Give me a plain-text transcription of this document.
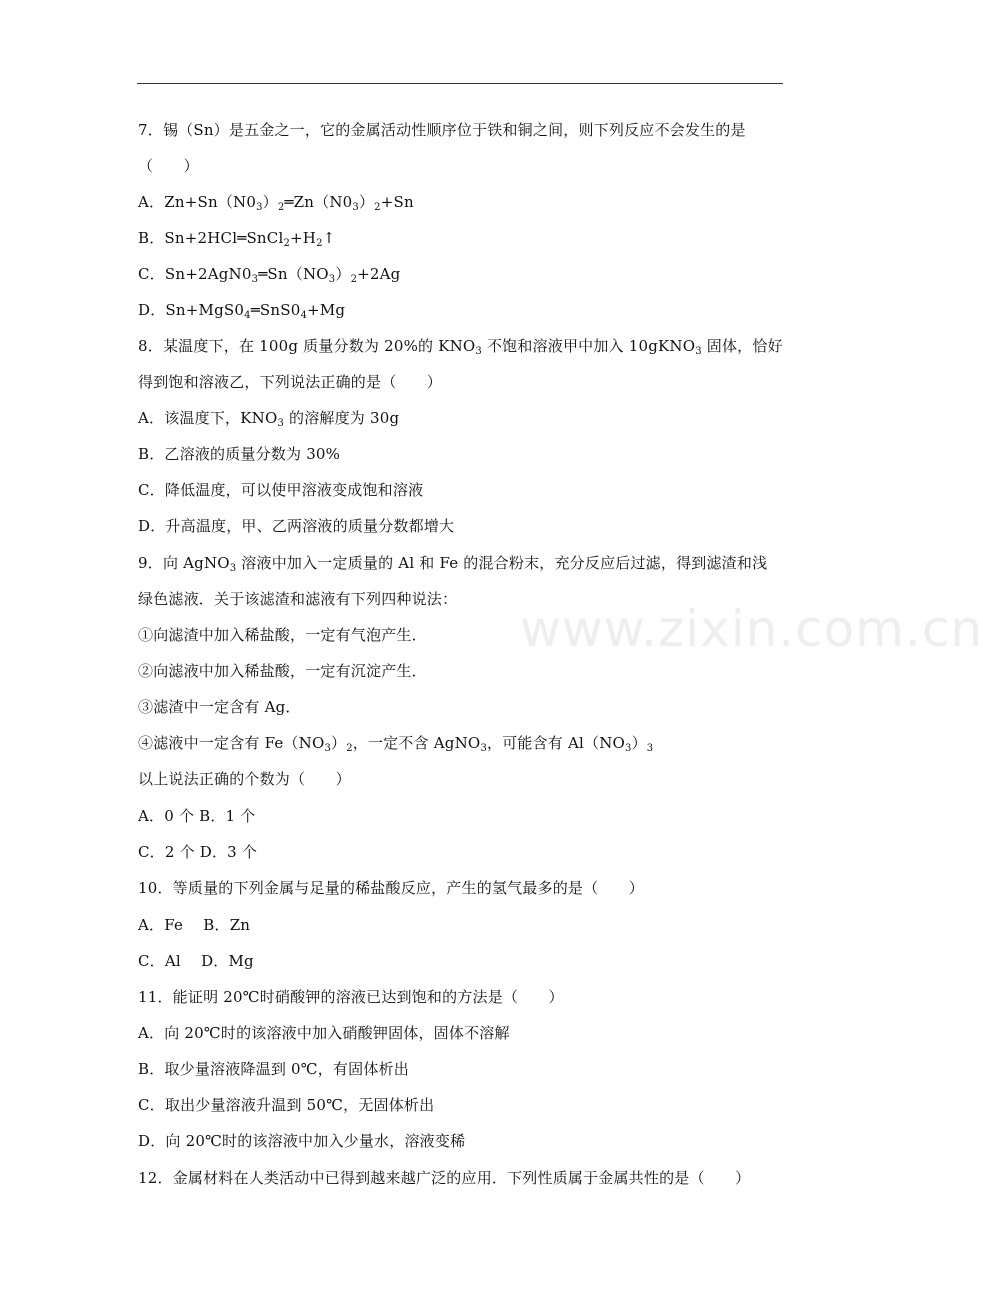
www.zixin.com.cn
7．锡（Sn）是五金之一，它的金属活动性顺序位于铁和铜之间，则下列反应不会发生的是
（　　）
A．$Zn+Sn(N0_3)_2═Zn(N0_3)_2+Sn$
B．$Sn+2HCl═SnCl_2+H_2↑$
C．$Sn+2AgN0_3═Sn(NO_3)_2+2Ag$
D．$Sn+MgS0_4═SnS0_4+Mg$
8．某温度下，在 100g 质量分数为 20%的 $KNO_3$ 不饱和溶液甲中加入 10gKNO$_3$ 固体，恰好
得到饱和溶液乙，下列说法正确的是（　　）
A．该温度下，$KNO_3$ 的溶解度为 30g
B．乙溶液的质量分数为 30%
C．降低温度，可以使甲溶液变成饱和溶液
D．升高温度，甲、乙两溶液的质量分数都增大
9．向 AgNO$_3$ 溶液中加入一定质量的 Al 和 Fe 的混合粉末，充分反应后过滤，得到滤渣和浅
绿色滤液．关于该滤渣和滤液有下列四种说法：
①向滤渣中加入稀盐酸，一定有气泡产生．
②向滤液中加入稀盐酸，一定有沉淀产生．
③滤渣中一定含有 Ag．
④滤液中一定含有 $Fe(NO_3)_2$，一定不含 AgNO$_3$，可能含有 $Al(NO_3)_3$
以上说法正确的个数为（　　）
A．0 个 B．1 个
C．2 个 D．3 个
10．等质量的下列金属与足量的稀盐酸反应，产生的氢气最多的是（　　）
A．Fe　 B．Zn
C．Al　 D．Mg
11．能证明 20℃时硝酸钾的溶液已达到饱和的方法是（　　）
A．向 20℃时的该溶液中加入硝酸钾固体，固体不溶解
B．取少量溶液降温到 0℃，有固体析出
C．取出少量溶液升温到 50℃，无固体析出
D．向 20℃时的该溶液中加入少量水，溶液变稀
12．金属材料在人类活动中已得到越来越广泛的应用．下列性质属于金属共性的是（　　）
